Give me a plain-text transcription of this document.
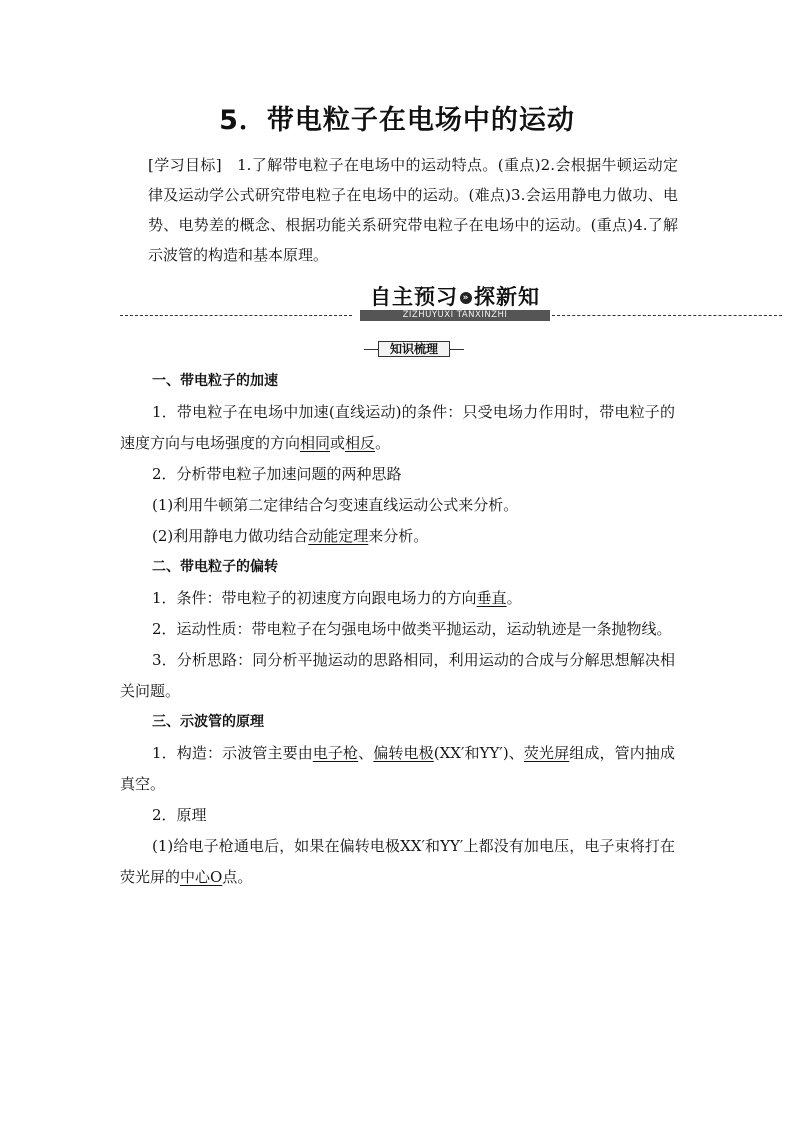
5．带电粒子在电场中的运动
[学习目标] 1.了解带电粒子在电场中的运动特点。(重点)2.会根据牛顿运动定律及运动学公式研究带电粒子在电场中的运动。(难点)3.会运用静电力做功、电势、电势差的概念、根据功能关系研究带电粒子在电场中的运动。(重点)4.了解示波管的构造和基本原理。
自主预习 » 探新知
ZIZHUYUXI TANXINZHI
知识梳理

一、带电粒子的加速

1．带电粒子在电场中加速(直线运动)的条件：只受电场力作用时，带电粒子的速度方向与电场强度的方向相同或相反。

2．分析带电粒子加速问题的两种思路

(1)利用牛顿第二定律结合匀变速直线运动公式来分析。

(2)利用静电力做功结合动能定理来分析。

二、带电粒子的偏转

1．条件：带电粒子的初速度方向跟电场力的方向垂直。

2．运动性质：带电粒子在匀强电场中做类平抛运动，运动轨迹是一条抛物线。

3．分析思路：同分析平抛运动的思路相同，利用运动的合成与分解思想解决相关问题。

三、示波管的原理

1．构造：示波管主要由电子枪、偏转电极(XX′和YY′)、荧光屏组成，管内抽成真空。

2．原理

(1)给电子枪通电后，如果在偏转电极XX′和YY′上都没有加电压，电子束将打在荧光屏的中心O点。
